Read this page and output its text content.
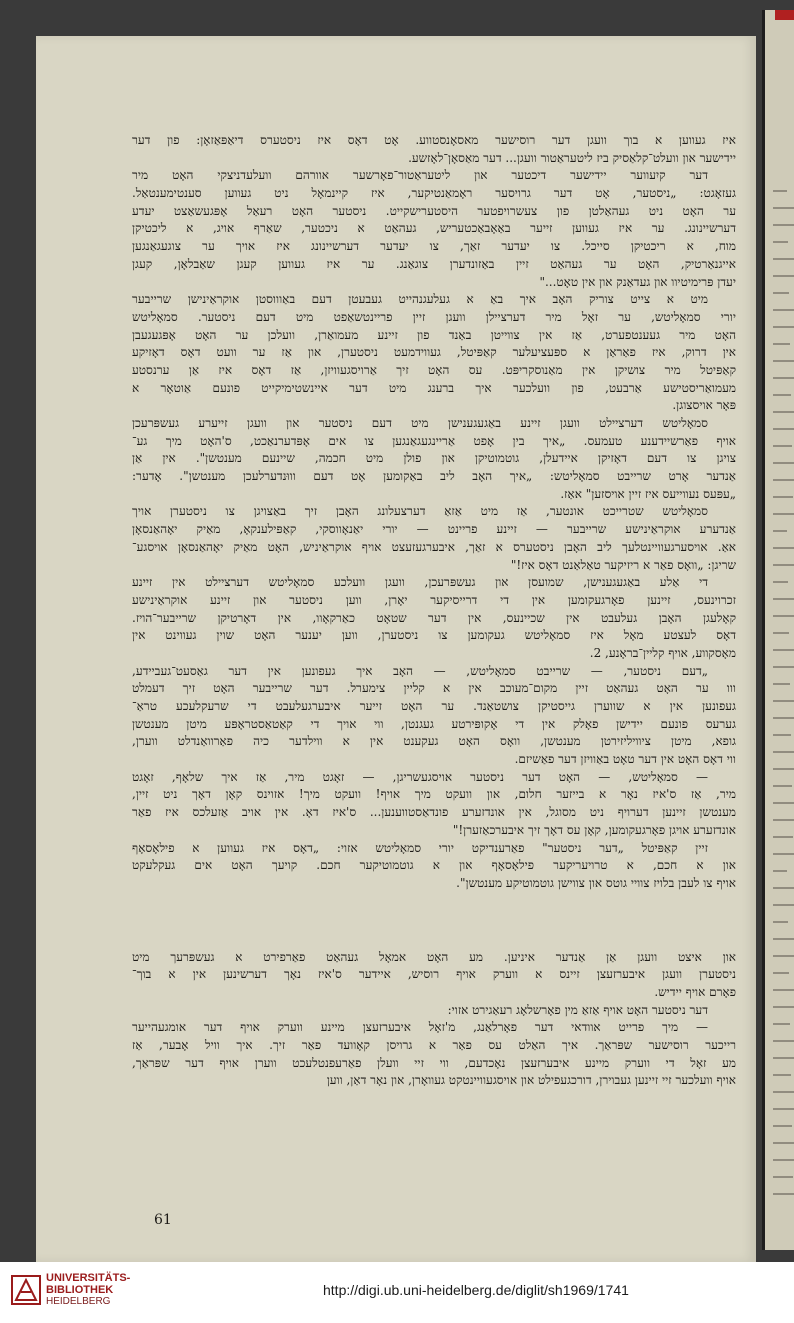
איז געווען א בוך וועגן דער רוסישער מאסאָנסטווע. אָט דאָס איז ניסטערס דיאַפּאַזאָן: פון דער
יידישער און וועלט־קלאַסיק ביז ליטעראַטור וועגן... דער מאַסאָן־לאָזשע.

דער קיִעווער יידישער דיכטער און ליטעראַטור־פאָרשער אוורהם וועלעדניצקי האָט מיר
געזאָגט: „ניסטער, אָט דער גרויסער ראָמאַנטיקער, איז קיינמאָל ניט געווען סענטימענטאַל.
ער האָט ניט געהאַלטן פון צעשרויפטער היסטערישקייט. ניסטער האָט רעאַל אָפּגעשאַצט יעדע
דערשיינונג. ער איז געווען זייער באַאָבאַכטעריש, געהאַט א ניכטער, שאַרף אויג, א ליכטיקן
מוח, א ריכטיקן סייכל. צו יעדער זאַך, צו יעדער דערשיינונג איז אויך ער צוגעגאַנגען
אייגנאַרטיק, האָט ער געהאַט זיין באַזונדערן צוגאַנג. ער איז געווען קעגן שאַבלאָן, קעגן
יעדן פּרימיטיוו און געדאַנק און אין טאָט..."

מיט א צייט צוריק האָב איך באַ א געלעגנהייט געבעטן דעם באַוווסטן אוקראַינישן שרייבער
יורי סמאָליטש, ער זאָל מיר דערציילן וועגן זיין פריינטשאַפט מיט דעם ניסטער. סמאָליטש
האָט מיר געענטפערט, אַז אין צווייטן באַנד פון זיינע מעמואַרן, וועלכן ער האָט אָפּגעגעבן
אין דרוק, איז פאַראַן א ספּעציעלער קאַפּיטל, געווידמעט ניסטערן, און אַז ער וועט דאָס דאָזיקע
קאַפּיטל מיר צושיקן אין מאַנוסקריפּט. עס האָט זיך אַרויסגעוויזן, אַז דאָס איז אַן ערנסטע
מעמואַריסטישע אַרבעט, פון וועלכער איך ברענג מיט דער איינשטימיקייט פונעם אַוטאָר א
פּאָר אויסצוגן.

סמאָליטש דערציילט וועגן זיינע באַגעגענישן מיט דעם ניסטער און וועגן זייערע געשפּרעכן
אויף פאַרשיידענע טעמעס. „איך בין אָפט אַריינגעגאַנגען צו אים אָפּדערנאַכט, ס'האָט מיך גע־
צויגן צו דעם דאָזיקן איידעלן, גוטמוטיקן און פולן מיט חכמה, שיינעם מענטשן". אין אַן
אַנדער אָרט שרייבט סמאָליטש: „איך האָב ליב באַקומען אָט דעם וווּנדערלעכן מענטשן". אָדער:
„עפּעס נעווייעס איז זיין אויסזען" אאַז.

סמאָליטש שטרייכט אונטער, אַז מיט אַזאַ דערצעלונג האָבן זיך באַצויגן צו ניסטערן אויך
אַנדערע אוקראַינישע שרייבער — זיינע פריינט — יורי יאַנאָווסקי, קאַפּילענקאָ, מאַיק יאָהאַנסאָן
אאַ. אויסערגעוויינטלעך ליב האָבן ניסטערס א זאַך, איבערגעזעצט אויף אוקראַיניש, האָט מאַיק יאָהאַנסאָן אויסגע־
שריגן: „וואָס פאַר א ריזיקער טאַלאַנט דאָס איז!"

די אַלע באַגעגענישן, שמועסן און געשפּרעכן, וועגן וועלכע סמאָליטש דערציילט אין זיינע
זכרוינעס, זיינען פאָרגעקומען אין די דרייסיקער יאָרן, ווען ניסטער און זיינע אוקראַינישע
קאָלעגן האָבן געלעבט אין שכיינעס, אין דער שטאָט כאַרקאָוו, אין דאָרטיקן שרייבער־הויז.
דאָס לעצטע מאָל איז סמאָליטש געקומען צו ניסטערן, ווען יענער האָט שוין געווינט אין
מאָסקווע, אויף קליין־בראָנע, 2.

„דעם ניסטער, — שרייבט סמאָליטש, — האָב איך געפונען אין דער גאַסעט־געביידע,
ווו ער האָט געהאַט זיין מקום־מעוכב אין א קליין צימערל. דער שרייבער האָט זיך דעמלט
געפונען אין א שווערן גייסטיקן צושטאַנד. ער האָט זייער איבערגעלעבט די שרעקלעכע טראַ־
גערעס פונעם יידישן פאָלק אין די אָקופּירטע געגנטן, ווי אויך די קאַטאַסטראָפּע מיטן מענטשן
גופא, מיטן ציוויליזירטן מענטשן, וואָס האָט געקענט אין א ווילדער כיה פאַרוואַנדלט ווערן,
ווי דאָס האָט אין דער טאָט באַוויזן דער פאַשיזם.

— סמאָליטש, — האָט דער ניסטער אויסגעשריגן, — זאָגט מיר, אַז איך שלאָף, זאָגט
מיר, אַז ס'איז נאָר א בייזער חלום, און וועקט מיך אויף! וועקט מיך! אזוינס קאָן דאָך ניט זיין,
מענטשן זיינען דערויף ניט מסוגל, אין אונדזערע פונדאַסטווענען... ס'איז דאָ. אין אויב אַזעלכס איז פאַר
אונדזערע אויגן פאָרגעקומען, קאָן עס דאָך זיך איבערכאַזערן!"

זיין קאַפּיטל „דער ניסטער" פאַרענדיקט יורי סמאָליטש אזוי: „דאָס איז געווען א פילאָסאָף
און א חכם, א טרויעריקער פילאָסאָף און א גוטמוטיקער חכם. קויעך האָט אים געקלעקט
אויף צו לעבן בלויז צוויי גוטס און צווישן גוטמוטיקע מענטשן".

און איצט וועגן אַן אַנדער איניען. מע האָט אמאָל געהאַט פאַרפירט א געשפּרעך מיט
ניסטערן וועגן איבערזעצן זיינס א ווערק אויף רוסיש, איידער ס'איז נאָך דערשינען אין א בוך־
פאָרם אויף יידיש.

דער ניסטער האָט אויף אַזאַ מין פאָרשלאָג רעאַגירט אזוי:

— מיך פרייט אוודאי דער פאָרלאַנג, מ'זאָל איבערזעצן מיינע ווערק אויף דער אומגעהייער
רייכער רוסישער שפּראַך. איך האַלט עס פאַר א גרויסן קאָוועד פאַר זיך. איך וויל אָבער, אַז
מע זאָל די ווערק מיינע איבערזעצן נאָכדעם, ווי זיי וועלן פאַרעפנטלעכט ווערן אויף דער שפּראַך,
אויף וועלכער זיי זיינען געבוירן, דורכגעפילט און אויסגעוויינטקט געוואָרן, און נאָר דאַן, ווען

61
UNIVERSITÄTS-
BIBLIOTHEK
HEIDELBERG
http://digi.ub.uni-heidelberg.de/diglit/sh1969/1741
